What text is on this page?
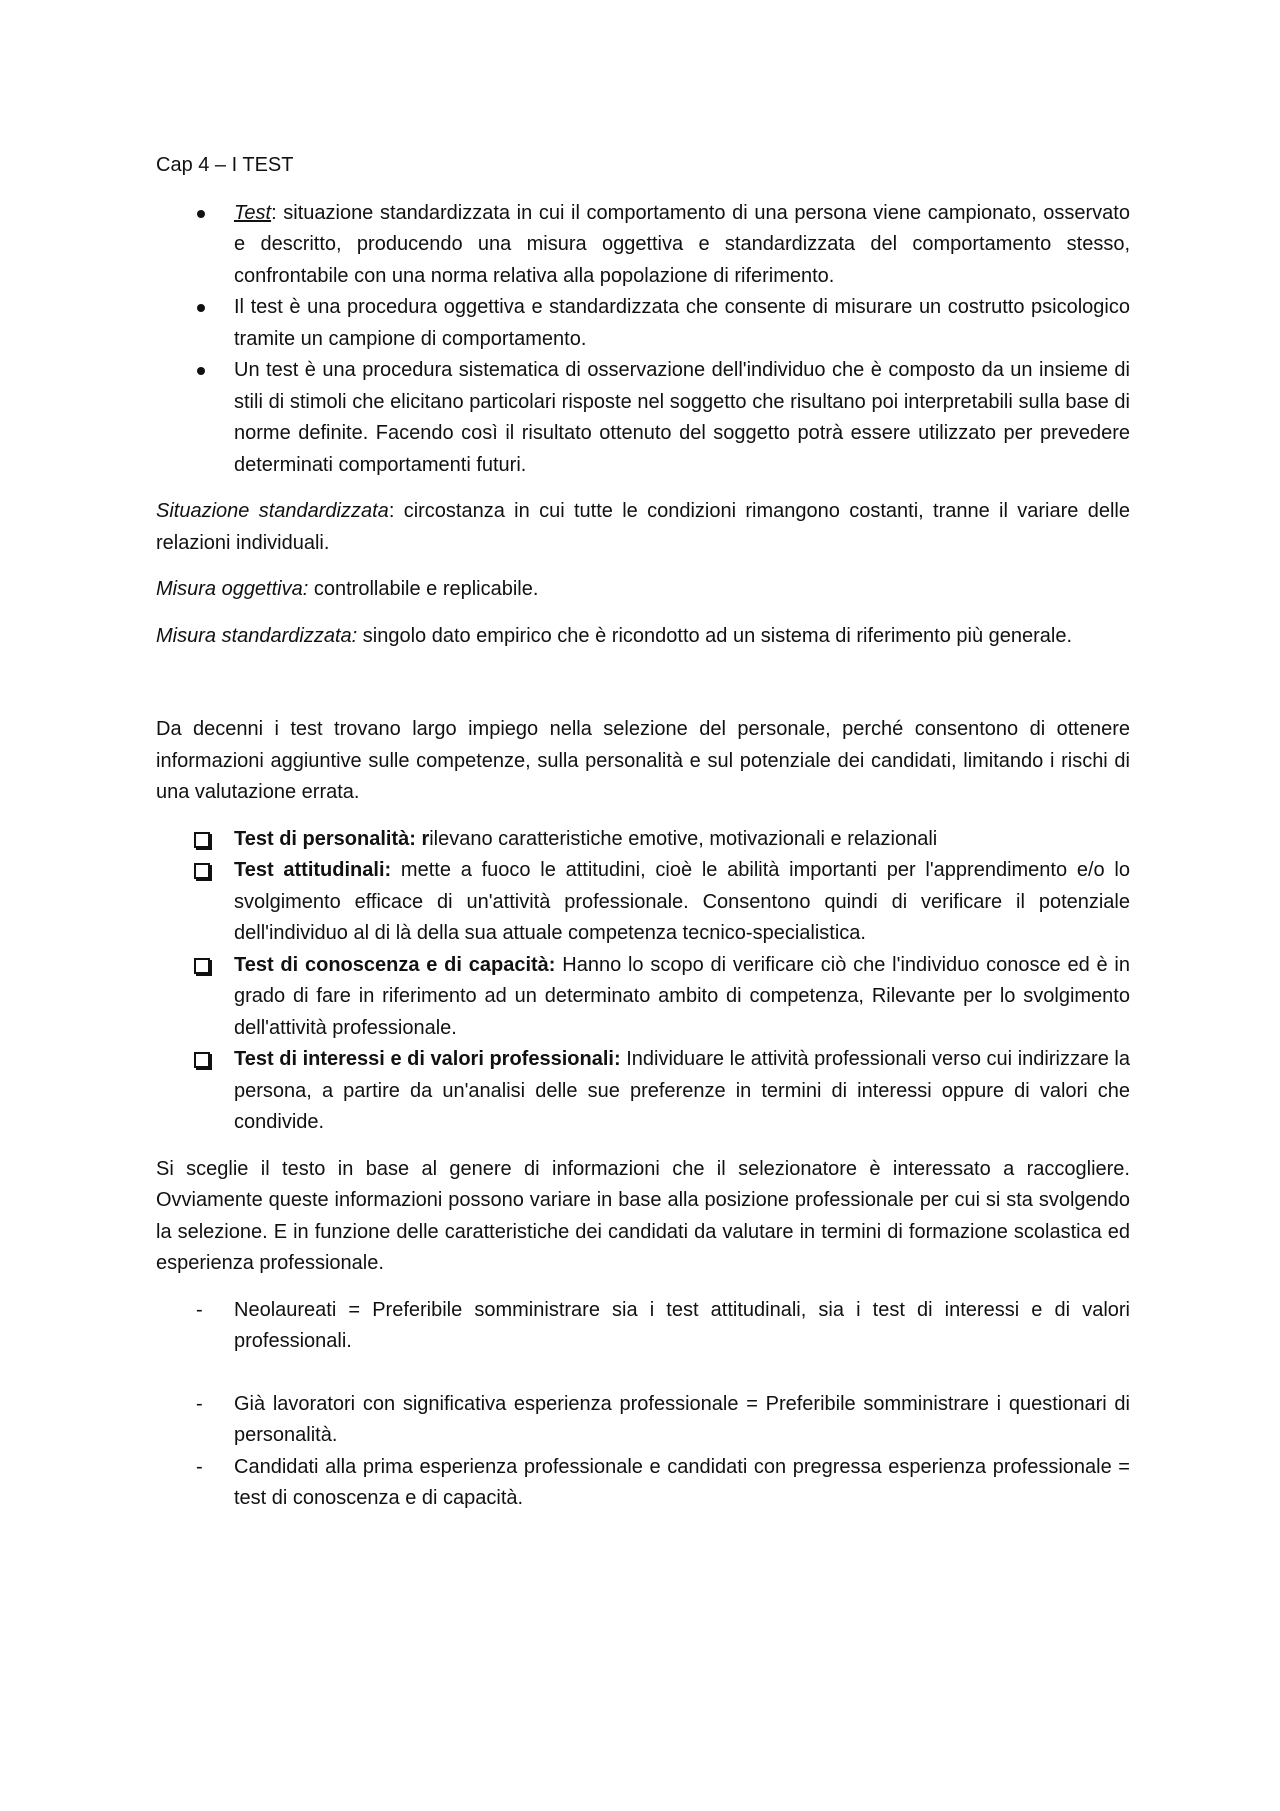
Cap 4 – I TEST
Test: situazione standardizzata in cui il comportamento di una persona viene campionato, osservato e descritto, producendo una misura oggettiva e standardizzata del comportamento stesso, confrontabile con una norma relativa alla popolazione di riferimento.
Il test è una procedura oggettiva e standardizzata che consente di misurare un costrutto psicologico tramite un campione di comportamento.
Un test è una procedura sistematica di osservazione dell'individuo che è composto da un insieme di stili di stimoli che elicitano particolari risposte nel soggetto che risultano poi interpretabili sulla base di norme definite. Facendo così il risultato ottenuto del soggetto potrà essere utilizzato per prevedere determinati comportamenti futuri.

Situazione standardizzata: circostanza in cui tutte le condizioni rimangono costanti, tranne il variare delle relazioni individuali.

Misura oggettiva: controllabile e replicabile.

Misura standardizzata: singolo dato empirico che è ricondotto ad un sistema di riferimento più generale.

Da decenni i test trovano largo impiego nella selezione del personale, perché consentono di ottenere informazioni aggiuntive sulle competenze, sulla personalità e sul potenziale dei candidati, limitando i rischi di una valutazione errata.

Test di personalità: rilevano caratteristiche emotive, motivazionali e relazionali
Test attitudinali: mette a fuoco le attitudini, cioè le abilità importanti per l'apprendimento e/o lo svolgimento efficace di un'attività professionale. Consentono quindi di verificare il potenziale dell'individuo al di là della sua attuale competenza tecnico-specialistica.
Test di conoscenza e di capacità: Hanno lo scopo di verificare ciò che l'individuo conosce ed è in grado di fare in riferimento ad un determinato ambito di competenza, Rilevante per lo svolgimento dell'attività professionale.
Test di interessi e di valori professionali: Individuare le attività professionali verso cui indirizzare la persona, a partire da un'analisi delle sue preferenze in termini di interessi oppure di valori che condivide.

Si sceglie il testo in base al genere di informazioni che il selezionatore è interessato a raccogliere. Ovviamente queste informazioni possono variare in base alla posizione professionale per cui si sta svolgendo la selezione. E in funzione delle caratteristiche dei candidati da valutare in termini di formazione scolastica ed esperienza professionale.

- Neolaureati = Preferibile somministrare sia i test attitudinali, sia i test di interessi e di valori professionali.
- Già lavoratori con significativa esperienza professionale = Preferibile somministrare i questionari di personalità.
- Candidati alla prima esperienza professionale e candidati con pregressa esperienza professionale = test di conoscenza e di capacità.
